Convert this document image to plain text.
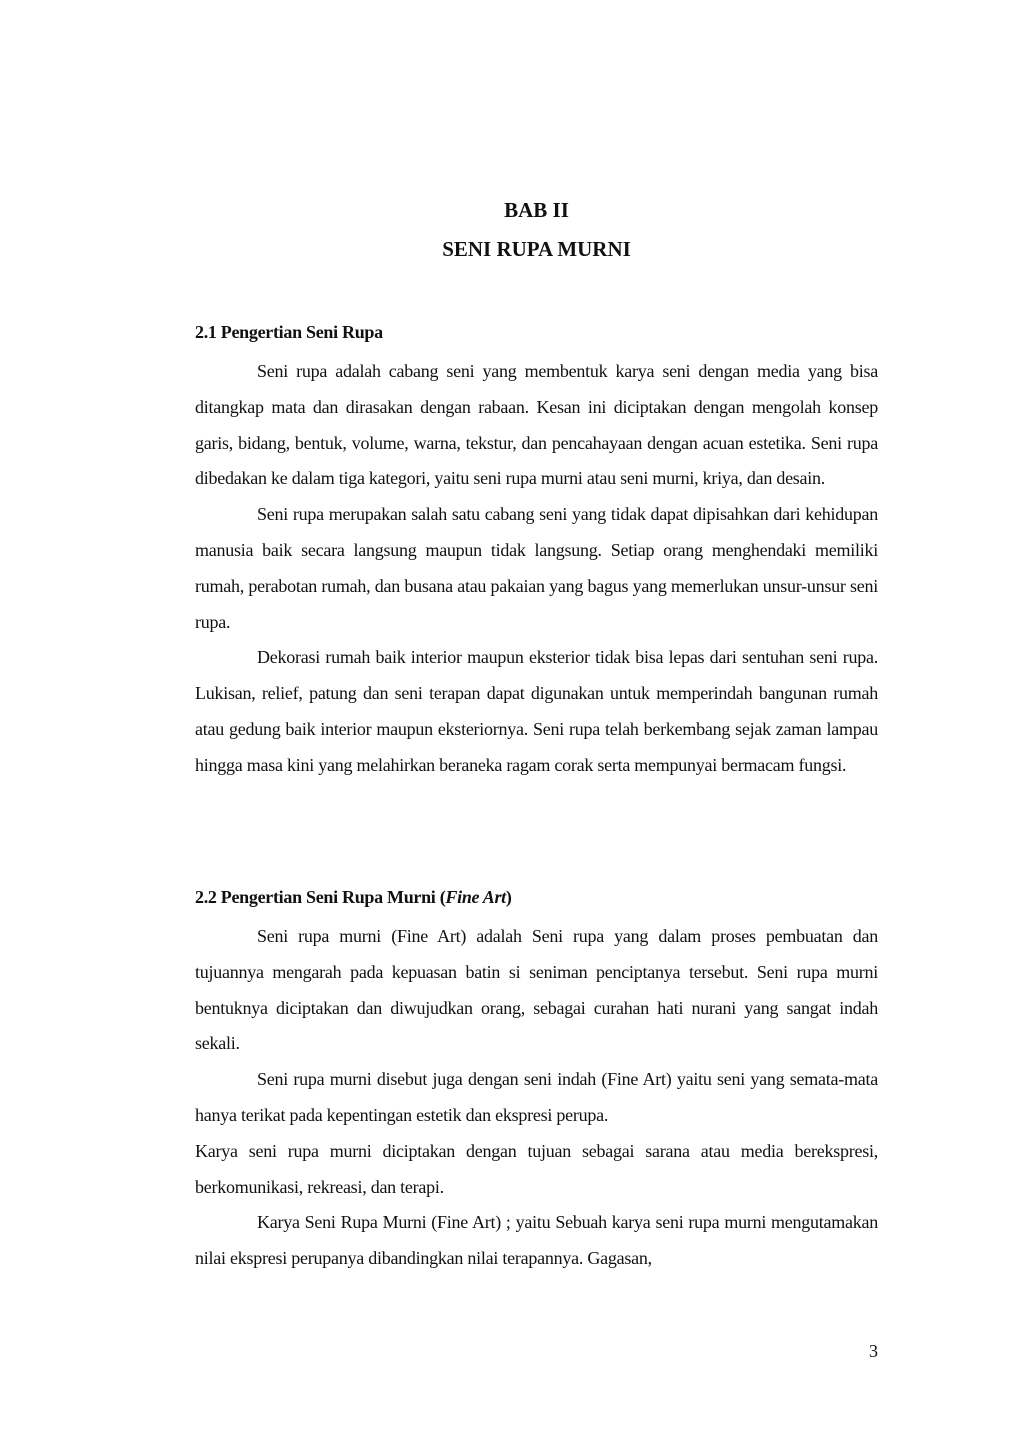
BAB II
SENI RUPA MURNI
2.1 Pengertian Seni Rupa

Seni rupa adalah cabang seni yang membentuk karya seni dengan media yang bisa ditangkap mata dan dirasakan dengan rabaan. Kesan ini diciptakan dengan mengolah konsep garis, bidang, bentuk, volume, warna, tekstur, dan pencahayaan dengan acuan estetika. Seni rupa dibedakan ke dalam tiga kategori, yaitu seni rupa murni atau seni murni, kriya, dan desain.

Seni rupa merupakan salah satu cabang seni yang tidak dapat dipisahkan dari kehidupan manusia baik secara langsung maupun tidak langsung. Setiap orang menghendaki memiliki rumah, perabotan rumah, dan busana atau pakaian yang bagus yang memerlukan unsur-unsur seni rupa.

Dekorasi rumah baik interior maupun eksterior tidak bisa lepas dari sentuhan seni rupa. Lukisan, relief, patung dan seni terapan dapat digunakan untuk memperindah bangunan rumah atau gedung baik interior maupun eksteriornya. Seni rupa telah berkembang sejak zaman lampau hingga masa kini yang melahirkan beraneka ragam corak serta mempunyai bermacam fungsi.

2.2 Pengertian Seni Rupa Murni (Fine Art)

Seni rupa murni (Fine Art) adalah Seni rupa yang dalam proses pembuatan dan tujuannya mengarah pada kepuasan batin si seniman penciptanya tersebut. Seni rupa murni bentuknya diciptakan dan diwujudkan orang, sebagai curahan hati nurani yang sangat indah sekali.

Seni rupa murni disebut juga dengan seni indah (Fine Art) yaitu seni yang semata-mata hanya terikat pada kepentingan estetik dan ekspresi perupa.

Karya seni rupa murni diciptakan dengan tujuan sebagai sarana atau media berekspresi, berkomunikasi, rekreasi, dan terapi.

Karya Seni Rupa Murni (Fine Art) ; yaitu Sebuah karya seni rupa murni mengutamakan nilai ekspresi perupanya dibandingkan nilai terapannya. Gagasan,

3
